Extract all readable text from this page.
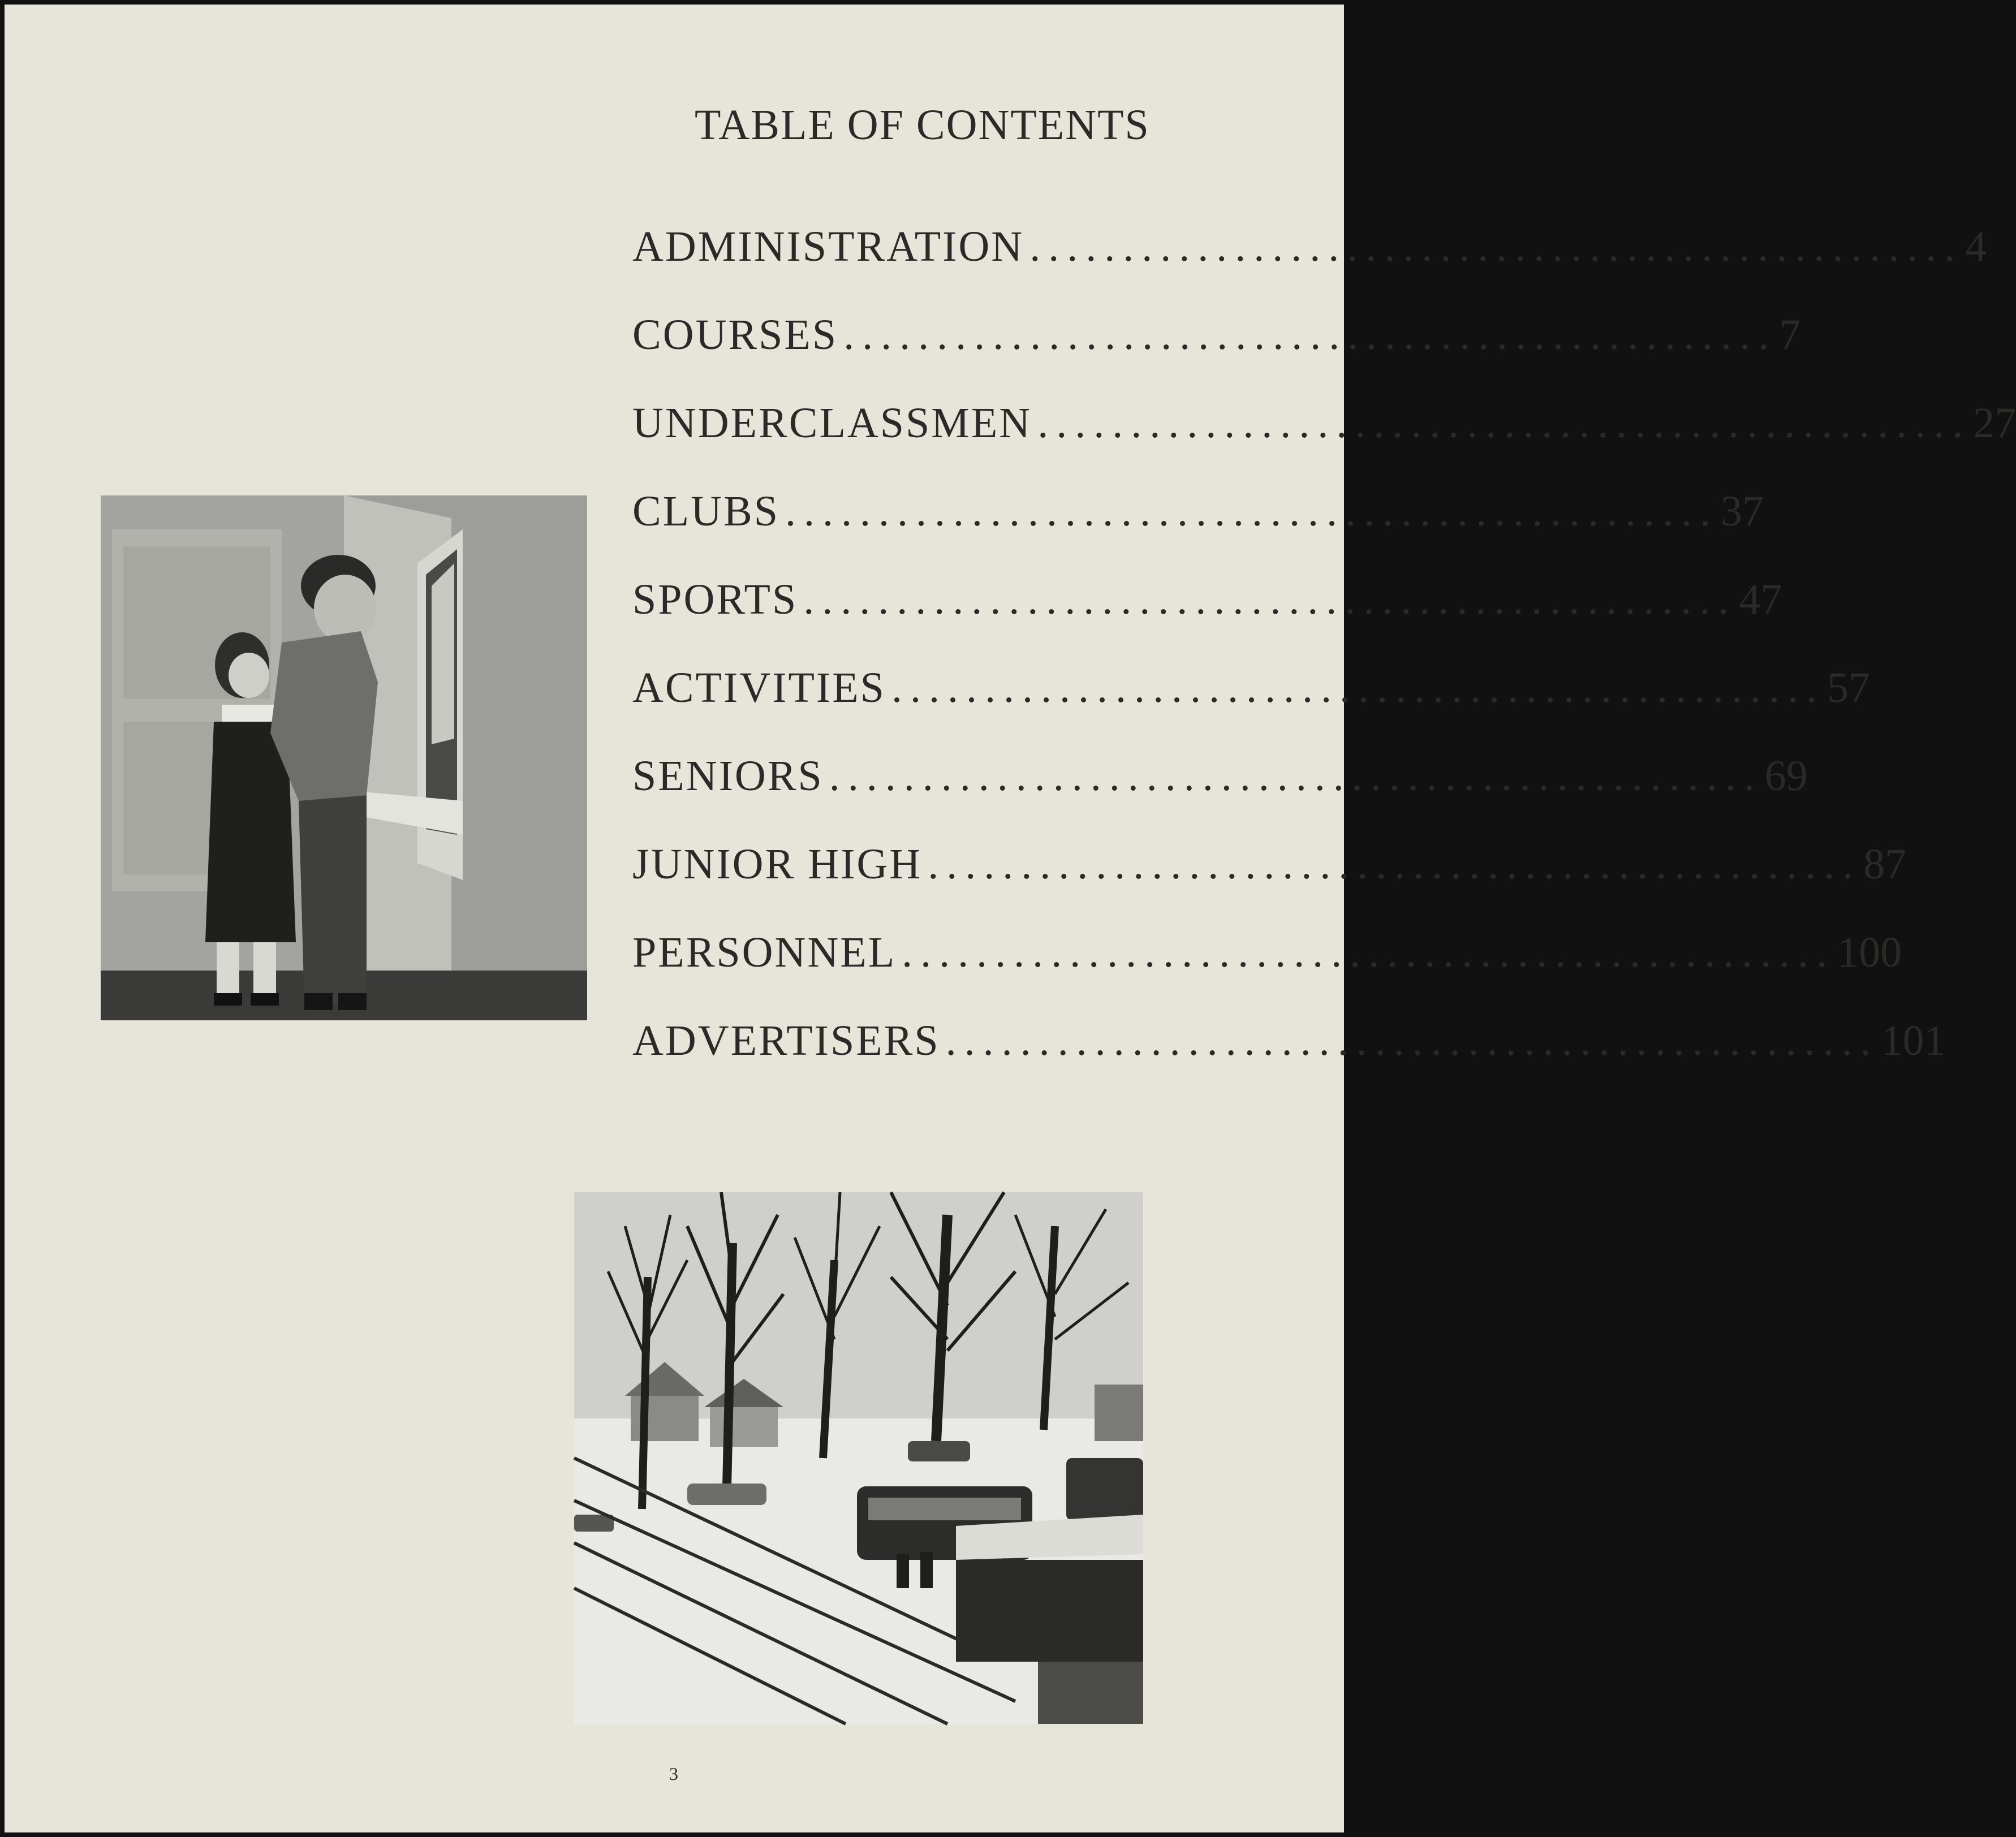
TABLE OF CONTENTS
ADMINISTRATION .................................................. 4
COURSES .................................................. 7
UNDERCLASSMEN .................................................. 27
CLUBS .................................................. 37
SPORTS .................................................. 47
ACTIVITIES .................................................. 57
SENIORS .................................................. 69
JUNIOR HIGH .................................................. 87
PERSONNEL .................................................. 100
ADVERTISERS .................................................. 101
3
